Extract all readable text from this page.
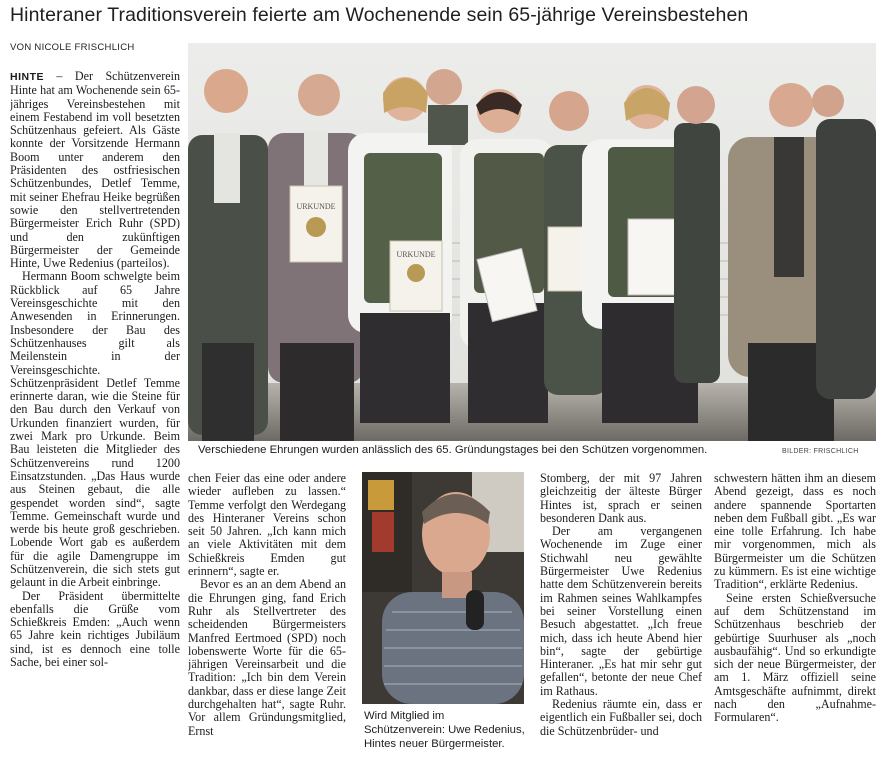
Hinteraner Traditionsverein feierte am Wochenende sein 65-jährige Vereinsbestehen
VON NICOLE FRISCHLICH

HINTE – Der Schützenverein Hinte hat am Wochenende sein 65-jähriges Vereinsbestehen mit einem Festabend im voll besetzten Schützenhaus gefeiert. Als Gäste konnte der Vorsitzende Hermann Boom unter anderem den Präsidenten des ostfriesischen Schützenbundes, Detlef Temme, mit seiner Ehefrau Heike begrüßen sowie den stellvertretenden Bürgermeister Erich Ruhr (SPD) und den zukünftigen Bürgermeister der Gemeinde Hinte, Uwe Redenius (parteilos).

Hermann Boom schwelgte beim Rückblick auf 65 Jahre Vereinsgeschichte mit den Anwesenden in Erinnerungen. Insbesondere der Bau des Schützenhauses gilt als Meilenstein in der Vereinsgeschichte. Schützenpräsident Detlef Temme erinnerte daran, wie die Steine für den Bau durch den Verkauf von Urkunden finanziert wurden, für zwei Mark pro Urkunde. Beim Bau leisteten die Mitglieder des Schützenvereins rund 1200 Einsatzstunden. „Das Haus wurde aus Steinen gebaut, die alle gespendet worden sind“, sagte Temme. Gemeinschaft wurde und werde bis heute groß geschrieben. Lobende Wort gab es außerdem für die agile Damengruppe im Schützenverein, die sich stets gut gelaunt in die Arbeit einbringe.

Der Präsident übermittelte ebenfalls die Grüße vom Schießkreis Emden: „Auch wenn 65 Jahre kein richtiges Jubiläum sind, ist es dennoch eine tolle Sache, bei einer sol-

URKUNDE
URKUNDE
Verschiedene Ehrungen wurden anlässlich des 65. Gründungstages bei den Schützen vorgenommen.	BILDER: FRISCHLICH

chen Feier das eine oder andere wieder aufleben zu lassen.“ Temme verfolgt den Werdegang des Hinteraner Vereins schon seit 50 Jahren. „Ich kann mich an viele Aktivitäten mit dem Schießkreis Emden gut erinnern“, sagte er.

Bevor es an an dem Abend an die Ehrungen ging, fand Erich Ruhr als Stellvertreter des scheidenden Bürgermeisters Manfred Eertmoed (SPD) noch lobenswerte Worte für die 65-jährigen Vereinsarbeit und die Tradition: „Ich bin dem Verein dankbar, dass er diese lange Zeit durchgehalten hat“, sagte Ruhr. Vor allem Gründungsmitglied, Ernst

Wird Mitglied im Schützenverein: Uwe Redenius, Hintes neuer Bürgermeister.

Stomberg, der mit 97 Jahren gleichzeitig der älteste Bürger Hintes ist, sprach er seinen besonderen Dank aus.

Der am vergangenen Wochenende im Zuge einer Stichwahl neu gewählte Bürgermeister Uwe Redenius hatte dem Schützenverein bereits im Rahmen seines Wahlkampfes bei seiner Vorstellung einen Besuch abgestattet. „Ich freue mich, dass ich heute Abend hier bin“, sagte der gebürtige Hinteraner. „Es hat mir sehr gut gefallen“, betonte der neue Chef im Rathaus.

Redenius räumte ein, dass er eigentlich ein Fußballer sei, doch die Schützenbrüder- und

schwestern hätten ihm an diesem Abend gezeigt, dass es noch andere spannende Sportarten neben dem Fußball gibt. „Es war eine tolle Erfahrung. Ich habe mir vorgenommen, mich als Bürgermeister um die Schützen zu kümmern. Es ist eine wichtige Tradition“, erklärte Redenius.

Seine ersten Schießversuche auf dem Schützenstand im Schützenhaus beschrieb der gebürtige Suurhuser als „noch ausbaufähig“. Und so erkundigte sich der neue Bürgermeister, der am 1. März offiziell seine Amtsgeschäfte aufnimmt, direkt nach den „Aufnahme-Formularen“.
